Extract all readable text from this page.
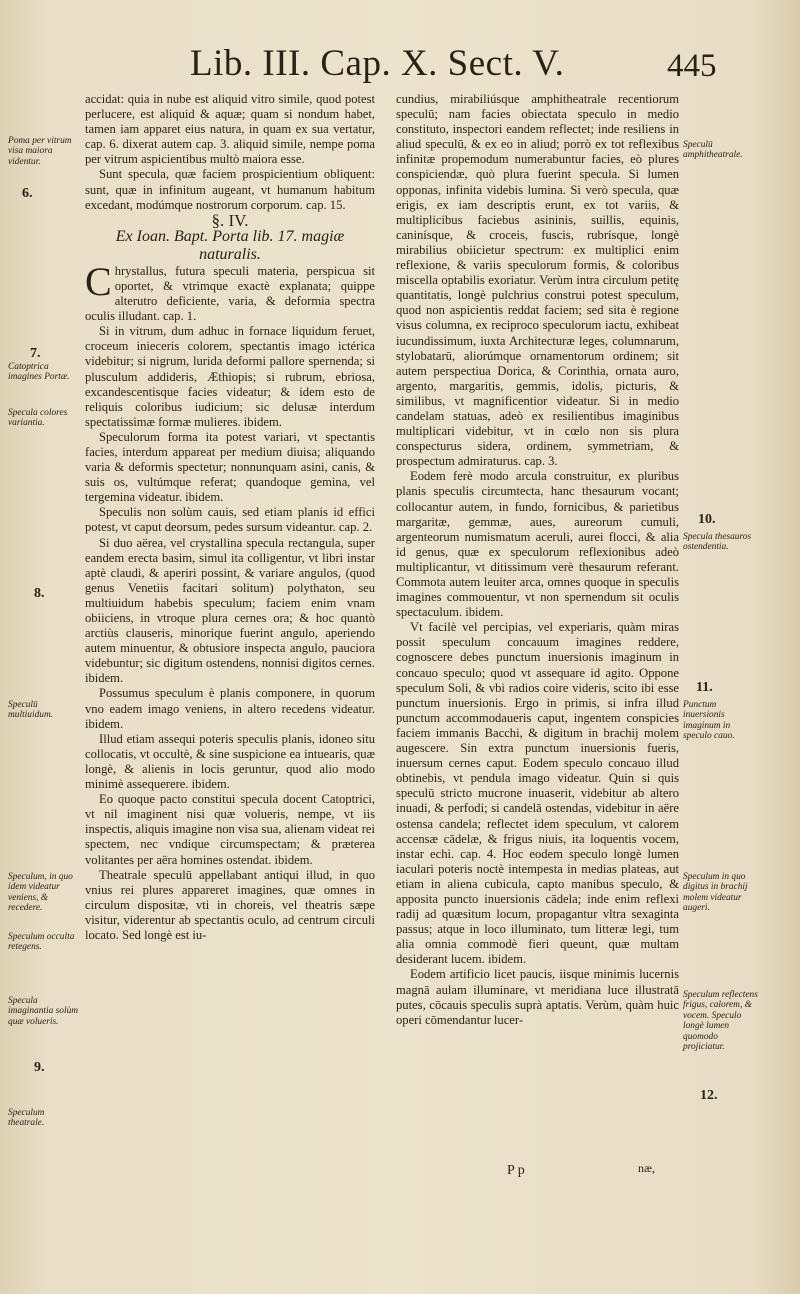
Lib. III. Cap. X. Sect. V.	445

accidat: quia in nube est aliquid vitro simile, quod potest perlucere, est aliquid & aquæ; quam si nondum habet, tamen iam apparet eius natura, in quam ex sua vertatur, cap. 6. dixerat autem cap. 3. aliquid simile, nempe poma per vitrum aspicientibus multò maiora esse.

Sunt specula, quæ faciem prospicientium obliquent: sunt, quæ in infinitum augeant, vt humanum habitum excedant, modúmque nostrorum corporum. cap. 15.

§. IV.

Ex Ioan. Bapt. Porta lib. 17. magiæ naturalis.

Chrystallus, futura speculi materia, perspicua sit oportet, & vtrimque exactè explanata; quippe alterutro deficiente, varia, & deformia spectra oculis illudant. cap. 1.

Si in vitrum, dum adhuc in fornace liquidum feruet, croceum inieceris colorem, spectantis imago ictérica videbitur; si nigrum, lurida deformi pallore spernenda; si plusculum addideris, Æthiopis; si rubrum, ebriosa, excandescentisque facies videatur; & idem esto de reliquis coloribus iudicium; sic delusæ interdum spectatissimæ formæ mulieres. ibidem.

Speculorum forma ita potest variari, vt spectantis facies, interdum appareat per medium diuisa; aliquando varia & deformis spectetur; nonnunquam asini, canis, & suis os, vultúmque referat; quandoque gemina, vel tergemina videatur. ibidem.

Speculis non solùm cauis, sed etiam planis id effici potest, vt caput deorsum, pedes sursum videantur. cap. 2.

Si duo aërea, vel crystallina specula rectangula, super eandem erecta basim, simul ita colligentur, vt libri instar aptè claudi, & aperiri possint, & variare angulos, (quod genus Venetiis facitari solitum) polythaton, seu multiuidum habebis speculum; faciem enim vnam obiiciens, in vtroque plura cernes ora; & hoc quantò arctiùs clauseris, minorique fuerint angulo, aperiendo autem minuentur, & obtusiore inspecta angulo, pauciora videbuntur; sic digitum ostendens, nonnisi digitos cernes. ibidem.

Possumus speculum è planis componere, in quorum vno eadem imago veniens, in altero recedens videatur. ibidem.

Illud etiam assequi poteris speculis planis, idoneo situ collocatis, vt occultè, & sine suspicione ea intuearis, quæ longè, & alienis in locis geruntur, quod alio modo minimè assequerere. ibidem.

Eo quoque pacto constitui specula docent Catoptrici, vt nil imaginent nisi quæ volueris, nempe, vt iis inspectis, aliquis imagine non visa sua, alienam videat rei spectem, nec vndique circumspectam; & præterea volitantes per aëra homines ostendat. ibidem.

Theatrale speculū appellabant antiqui illud, in quo vnius rei plures appareret imagines, quæ omnes in circulum dispositæ, vti in choreis, vel theatris sæpe visitur, viderentur ab spectantis oculo, ad centrum circuli locato. Sed longè est iu-

cundius, mirabiliúsque amphitheatrale recentiorum speculū; nam facies obiectata speculo in medio constituto, inspectori eandem reflectet; inde resiliens in aliud speculū, & ex eo in aliud; porrò ex tot reflexibus infinitæ propemodum numerabuntur facies, eò plures conspiciendæ, quò plura fuerint specula. Si lumen opponas, infinita videbis lumina. Si verò specula, quæ erigis, ex iam descriptis erunt, ex tot variis, & multiplicibus faciebus asininis, suillis, equinis, caninísque, & croceis, fuscis, rubrísque, longè mirabilius obiicietur spectrum: ex multiplici enim reflexione, & variis speculorum formis, & coloribus miscella optabilis exoriatur. Verùm intra circulum petitę quantitatis, longè pulchrius construi potest speculum, quod non aspicientis reddat faciem; sed sita è regione visus columna, ex reciproco speculorum iactu, exhibeat iucundissimum, iuxta Architecturæ leges, columnarum, stylobatarū, aliorúmque ornamentorum ordinem; sit autem perspectiua Dorica, & Corinthia, ornata auro, argento, margaritis, gemmis, idolis, picturis, & similibus, vt magnificentior videatur. Si in medio candelam statuas, adeò ex resilientibus imaginibus multiplicari videbitur, vt in cœlo non sis plura conspecturus sidera, ordinem, symmetriam, & prospectum admiraturus. cap. 3.

Eodem ferè modo arcula construitur, ex pluribus planis speculis circumtecta, hanc thesaurum vocant; collocantur autem, in fundo, fornicibus, & parietibus margaritæ, gemmæ, aues, aureorum cumuli, argenteorum numismatum aceruli, aurei flocci, & alia id genus, quæ ex speculorum reflexionibus adeò multiplicantur, vt ditissimum verè thesaurum referant. Commota autem leuiter arca, omnes quoque in speculis imagines commouentur, vt non spernendum sit oculis spectaculum. ibidem.

Vt facilè vel percipias, vel experiaris, quàm miras possit speculum concauum imagines reddere, cognoscere debes punctum inuersionis imaginum in concauo speculo; quod vt assequare id agito. Oppone speculum Soli, & vbi radios coire videris, scito ibi esse punctum inuersionis. Ergo in primis, si infra illud punctum accommodaueris caput, ingentem conspicies faciem immanis Bacchi, & digitum in brachij molem augescere. Sin extra punctum inuersionis fueris, inuersum cernes caput. Eodem speculo concauo illud obtinebis, vt pendula imago videatur. Quin si quis speculū stricto mucrone inuaserit, videbitur ab altero inuadi, & perfodi; si candelā ostendas, videbitur in aëre ostensa candela; reflectet idem speculum, vt calorem accensæ cādelæ, & frigus niuis, ita loquentis vocem, instar echi. cap. 4. Hoc eodem speculo longè lumen iaculari poteris noctè intempesta in medias plateas, aut etiam in aliena cubicula, capto manibus speculo, & apposita puncto inuersionis cādela; inde enim reflexi radij ad quæsitum locum, propagantur vltra sexaginta passus; atque in loco illuminato, tum litteræ legi, tum alia omnia commodè fieri queunt, quæ multam desiderant lucem. ibidem.

Eodem artificio licet paucis, iisque minimis lucernis magnā aulam illuminare, vt meridiana luce illustratā putes, cōcauis speculis suprà aptatis. Verùm, quàm huic operi cōmendantur lucer-

Poma per vitrum visa maiora videntur.
6.
7.
Catoptrica imagines Portæ.
Specula colores variantia.
8.
Speculū multiuidum.
Speculum, in quo idem videatur veniens, & recedere.
Speculum occulta retegens.
Specula imaginantia solùm quæ volueris.
9.
Speculum theatrale.
Speculū amphitheatrale.
10.
Specula thesauros ostendentia.
11.
Punctum inuersionis imaginum in speculo cauo.
Speculum in quo digitus in brachij molem videatur augeri.
Speculum reflectens frigus, calorem, & vocem. Speculo longè lumen quomodo projiciatur.
12.
P p	næ,
